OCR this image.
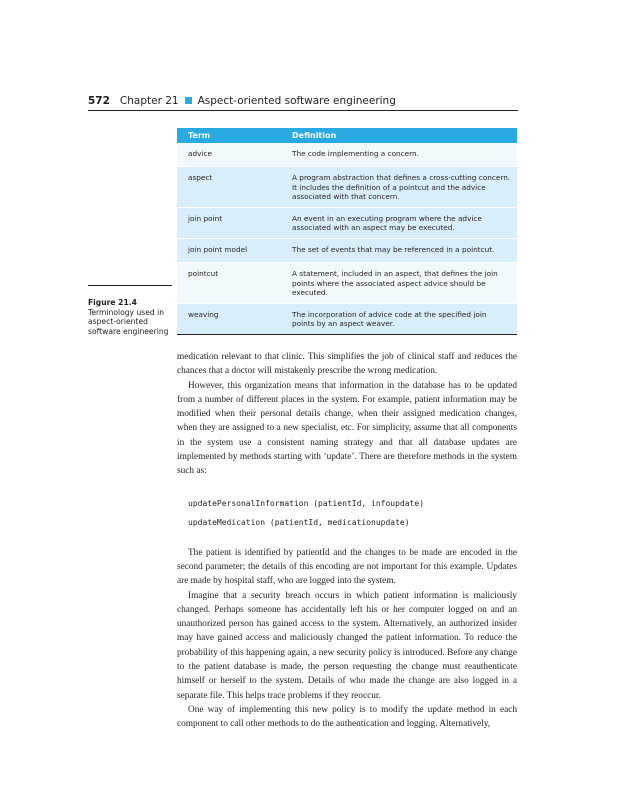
572 Chapter 21 Aspect-oriented software engineering
Term	Definition
advice	The code implementing a concern.
aspect	A program abstraction that defines a cross-cutting concern. It includes the definition of a pointcut and the advice associated with that concern.
join point	An event in an executing program where the advice associated with an aspect may be executed.
join point model	The set of events that may be referenced in a pointcut.
pointcut	A statement, included in an aspect, that defines the join points where the associated aspect advice should be executed.
weaving	The incorporation of advice code at the specified join points by an aspect weaver.
Figure 21.4
Terminology used in aspect-oriented software engineering

medication relevant to that clinic. This simplifies the job of clinical staff and reduces the chances that a doctor will mistakenly prescribe the wrong medication.

However, this organization means that information in the database has to be updated from a number of different places in the system. For example, patient information may be modified when their personal details change, when their assigned medication changes, when they are assigned to a new specialist, etc. For simplicity, assume that all components in the system use a consistent naming strategy and that all database updates are implemented by methods starting with ‘update’. There are therefore methods in the system such as:

updatePersonalInformation (patientId, infoupdate)
updateMedication (patientId, medicationupdate)

The patient is identified by patientId and the changes to be made are encoded in the second parameter; the details of this encoding are not important for this example. Updates are made by hospital staff, who are logged into the system.

Imagine that a security breach occurs in which patient information is maliciously changed. Perhaps someone has accidentally left his or her computer logged on and an unauthorized person has gained access to the system. Alternatively, an authorized insider may have gained access and maliciously changed the patient information. To reduce the probability of this happening again, a new security policy is introduced. Before any change to the patient database is made, the person requesting the change must reauthenticate himself or herself to the system. Details of who made the change are also logged in a separate file. This helps trace problems if they reoccur.

One way of implementing this new policy is to modify the update method in each component to call other methods to do the authentication and logging. Alternatively,
